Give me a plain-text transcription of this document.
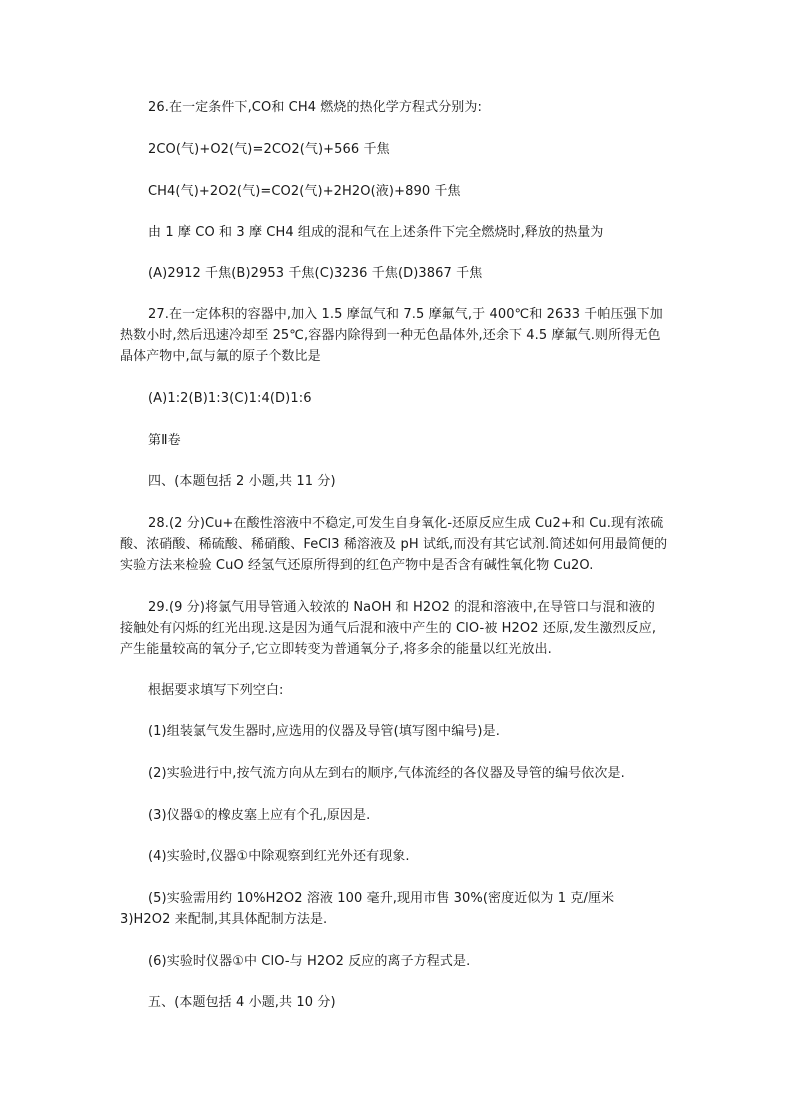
26.在一定条件下,CO和 CH4 燃烧的热化学方程式分别为:
2CO(气)+O2(气)=2CO2(气)+566 千焦
CH4(气)+2O2(气)=CO2(气)+2H2O(液)+890 千焦
由 1 摩 CO 和 3 摩 CH4 组成的混和气在上述条件下完全燃烧时,释放的热量为
(A)2912 千焦(B)2953 千焦(C)3236 千焦(D)3867 千焦
27.在一定体积的容器中,加入 1.5 摩氙气和 7.5 摩氟气,于 400℃和 2633 千帕压强下加热数小时,然后迅速冷却至 25℃,容器内除得到一种无色晶体外,还余下 4.5 摩氟气.则所得无色晶体产物中,氙与氟的原子个数比是
(A)1:2(B)1:3(C)1:4(D)1:6
第Ⅱ卷
四、(本题包括 2 小题,共 11 分)
28.(2 分)Cu+在酸性溶液中不稳定,可发生自身氧化-还原反应生成 Cu2+和 Cu.现有浓硫酸、浓硝酸、稀硫酸、稀硝酸、FeCl3 稀溶液及 pH 试纸,而没有其它试剂.简述如何用最简便的实验方法来检验 CuO 经氢气还原所得到的红色产物中是否含有碱性氧化物 Cu2O.
29.(9 分)将氯气用导管通入较浓的 NaOH 和 H2O2 的混和溶液中,在导管口与混和液的接触处有闪烁的红光出现.这是因为通气后混和液中产生的 ClO-被 H2O2 还原,发生激烈反应,产生能量较高的氧分子,它立即转变为普通氧分子,将多余的能量以红光放出.
根据要求填写下列空白:
(1)组装氯气发生器时,应选用的仪器及导管(填写图中编号)是.
(2)实验进行中,按气流方向从左到右的顺序,气体流经的各仪器及导管的编号依次是.
(3)仪器①的橡皮塞上应有个孔,原因是.
(4)实验时,仪器①中除观察到红光外还有现象.
(5)实验需用约 10%H2O2 溶液 100 毫升,现用市售 30%(密度近似为 1 克/厘米 3)H2O2 来配制,其具体配制方法是.
(6)实验时仪器①中 ClO-与 H2O2 反应的离子方程式是.
五、(本题包括 4 小题,共 10 分)
